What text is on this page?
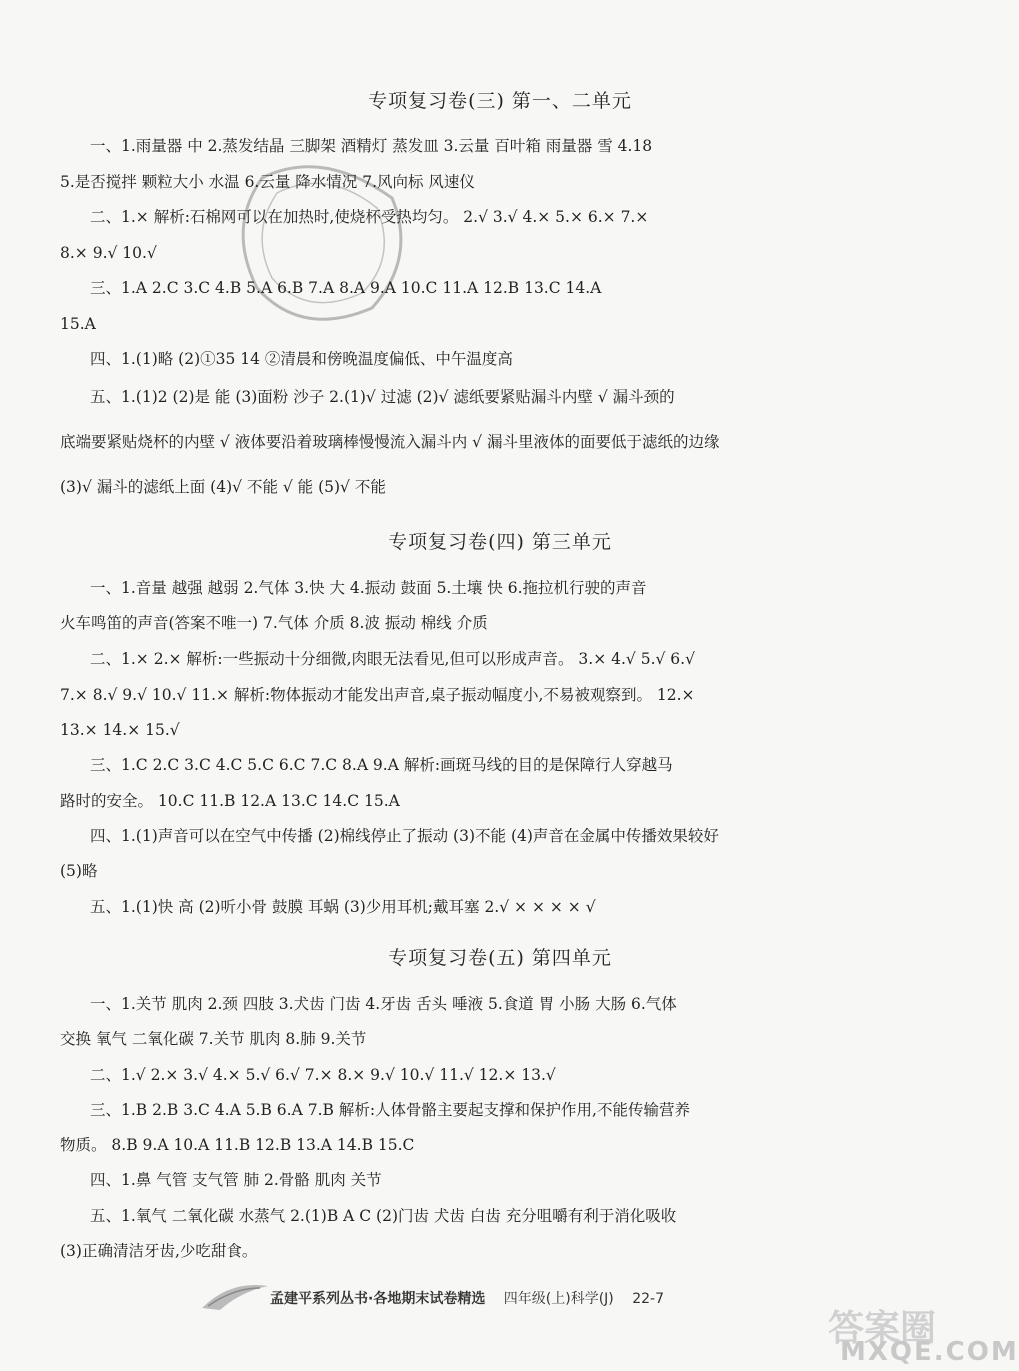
专项复习卷(三) 第一、二单元
一、1.雨量器 中 2.蒸发结晶 三脚架 酒精灯 蒸发皿 3.云量 百叶箱 雨量器 雪 4.18
5.是否搅拌 颗粒大小 水温 6.云量 降水情况 7.风向标 风速仪
二、1.× 解析:石棉网可以在加热时,使烧杯受热均匀。 2.√ 3.√ 4.× 5.× 6.× 7.×
8.× 9.√ 10.√
三、1.A 2.C 3.C 4.B 5.A 6.B 7.A 8.A 9.A 10.C 11.A 12.B 13.C 14.A
15.A
四、1.(1)略 (2)①35 14 ②清晨和傍晚温度偏低、中午温度高
五、1.(1)2 (2)是 能 (3)面粉 沙子 2.(1)√ 过滤 (2)√ 滤纸要紧贴漏斗内壁 √ 漏斗颈的
底端要紧贴烧杯的内壁 √ 液体要沿着玻璃棒慢慢流入漏斗内 √ 漏斗里液体的面要低于滤纸的边缘
(3)√ 漏斗的滤纸上面 (4)√ 不能 √ 能 (5)√ 不能
专项复习卷(四) 第三单元
一、1.音量 越强 越弱 2.气体 3.快 大 4.振动 鼓面 5.土壤 快 6.拖拉机行驶的声音
火车鸣笛的声音(答案不唯一) 7.气体 介质 8.波 振动 棉线 介质
二、1.× 2.× 解析:一些振动十分细微,肉眼无法看见,但可以形成声音。 3.× 4.√ 5.√ 6.√
7.× 8.√ 9.√ 10.√ 11.× 解析:物体振动才能发出声音,桌子振动幅度小,不易被观察到。 12.×
13.× 14.× 15.√
三、1.C 2.C 3.C 4.C 5.C 6.C 7.C 8.A 9.A 解析:画斑马线的目的是保障行人穿越马
路时的安全。 10.C 11.B 12.A 13.C 14.C 15.A
四、1.(1)声音可以在空气中传播 (2)棉线停止了振动 (3)不能 (4)声音在金属中传播效果较好
(5)略
五、1.(1)快 高 (2)听小骨 鼓膜 耳蜗 (3)少用耳机;戴耳塞 2.√ × × × × √
专项复习卷(五) 第四单元
一、1.关节 肌肉 2.颈 四肢 3.犬齿 门齿 4.牙齿 舌头 唾液 5.食道 胃 小肠 大肠 6.气体
交换 氧气 二氧化碳 7.关节 肌肉 8.肺 9.关节
二、1.√ 2.× 3.√ 4.× 5.√ 6.√ 7.× 8.× 9.√ 10.√ 11.√ 12.× 13.√
三、1.B 2.B 3.C 4.A 5.B 6.A 7.B 解析:人体骨骼主要起支撑和保护作用,不能传输营养
物质。 8.B 9.A 10.A 11.B 12.B 13.A 14.B 15.C
四、1.鼻 气管 支气管 肺 2.骨骼 肌肉 关节
五、1.氧气 二氧化碳 水蒸气 2.(1)B A C (2)门齿 犬齿 白齿 充分咀嚼有利于消化吸收
(3)正确清洁牙齿,少吃甜食。
孟建平系列丛书·各地期末试卷精选 四年级(上)科学(J) 22-7
答案圈
MXQE.COM
